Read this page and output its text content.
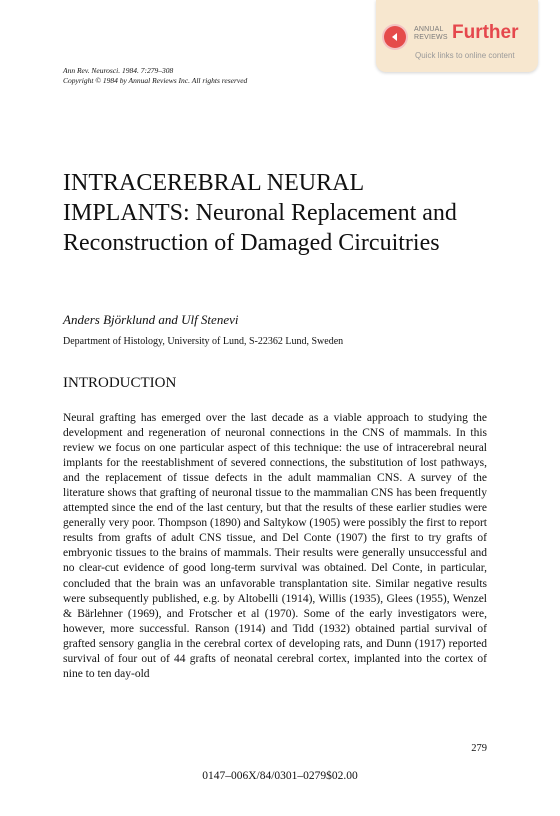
ANNUAL
REVIEWS Further
Quick links to online content
Ann Rev. Neurosci. 1984. 7:279–308
Copyright © 1984 by Annual Reviews Inc. All rights reserved
INTRACEREBRAL NEURAL IMPLANTS: Neuronal Replacement and Reconstruction of Damaged Circuitries
Anders Björklund and Ulf Stenevi
Department of Histology, University of Lund, S-22362 Lund, Sweden
INTRODUCTION

Neural grafting has emerged over the last decade as a viable approach to studying the development and regeneration of neuronal connections in the CNS of mammals. In this review we focus on one particular aspect of this technique: the use of intracerebral neural implants for the reestablishment of severed connections, the substitution of lost pathways, and the replacement of tissue defects in the adult mammalian CNS. A survey of the literature shows that grafting of neuronal tissue to the mammalian CNS has been frequently attempted since the end of the last century, but that the results of these earlier studies were generally very poor. Thompson (1890) and Saltykow (1905) were possibly the first to report results from grafts of adult CNS tissue, and Del Conte (1907) the first to try grafts of embryonic tissues to the brains of mammals. Their results were generally unsuccessful and no clear-cut evidence of good long-term survival was obtained. Del Conte, in particular, concluded that the brain was an unfavorable transplantation site. Similar negative results were subsequently published, e.g. by Altobelli (1914), Willis (1935), Glees (1955), Wenzel & Bärlehner (1969), and Frotscher et al (1970). Some of the early investigators were, however, more successful. Ranson (1914) and Tidd (1932) obtained partial survival of grafted sensory ganglia in the cerebral cortex of developing rats, and Dunn (1917) reported survival of four out of 44 grafts of neonatal cerebral cortex, implanted into the cortex of nine to ten day-old

279
0147–006X/84/0301–0279$02.00
